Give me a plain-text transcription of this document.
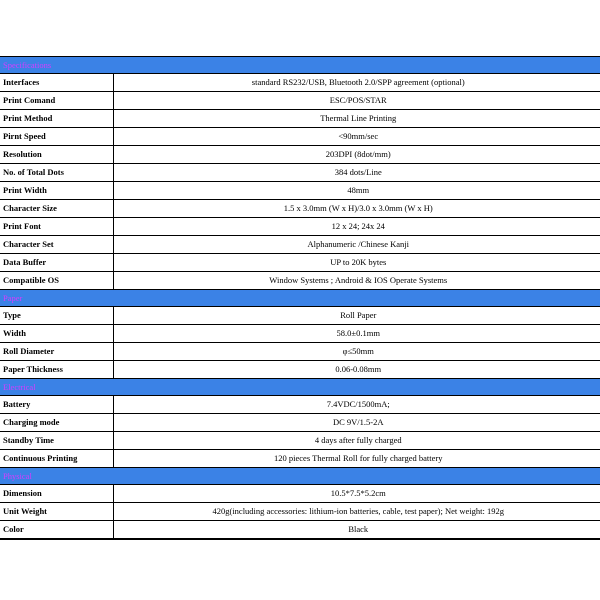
Specifications	
Interfaces	standard RS232/USB, Bluetooth 2.0/SPP agreement (optional)
Print Comand	ESC/POS/STAR
Print Method	Thermal Line Printing
Pirnt Speed	<90mm/sec
Resolution	203DPI (8dot/mm)
No. of Total Dots	384 dots/Line
Print Width	48mm
Character Size	1.5 x 3.0mm (W x H)/3.0 x 3.0mm (W x H)
Print Font	12 x 24; 24x 24
Character Set	Alphanumeric /Chinese Kanji
Data Buffer	UP to 20K bytes
Compatible OS	Window Systems ; Android & IOS Operate Systems
Paper	
Type	Roll Paper
Width	58.0±0.1mm
Roll Diameter	φ≤50mm
Paper Thickness	0.06-0.08mm
Electrical	
Battery	7.4VDC/1500mA;
Charging mode	DC 9V/1.5-2A
Standby Time	4 days after fully charged
Continuous Printing	120 pieces Thermal Roll for fully charged battery
Physical	
Dimension	10.5*7.5*5.2cm
Unit Weight	420g(including accessories: lithium-ion batteries, cable, test paper); Net weight: 192g
Color	Black
